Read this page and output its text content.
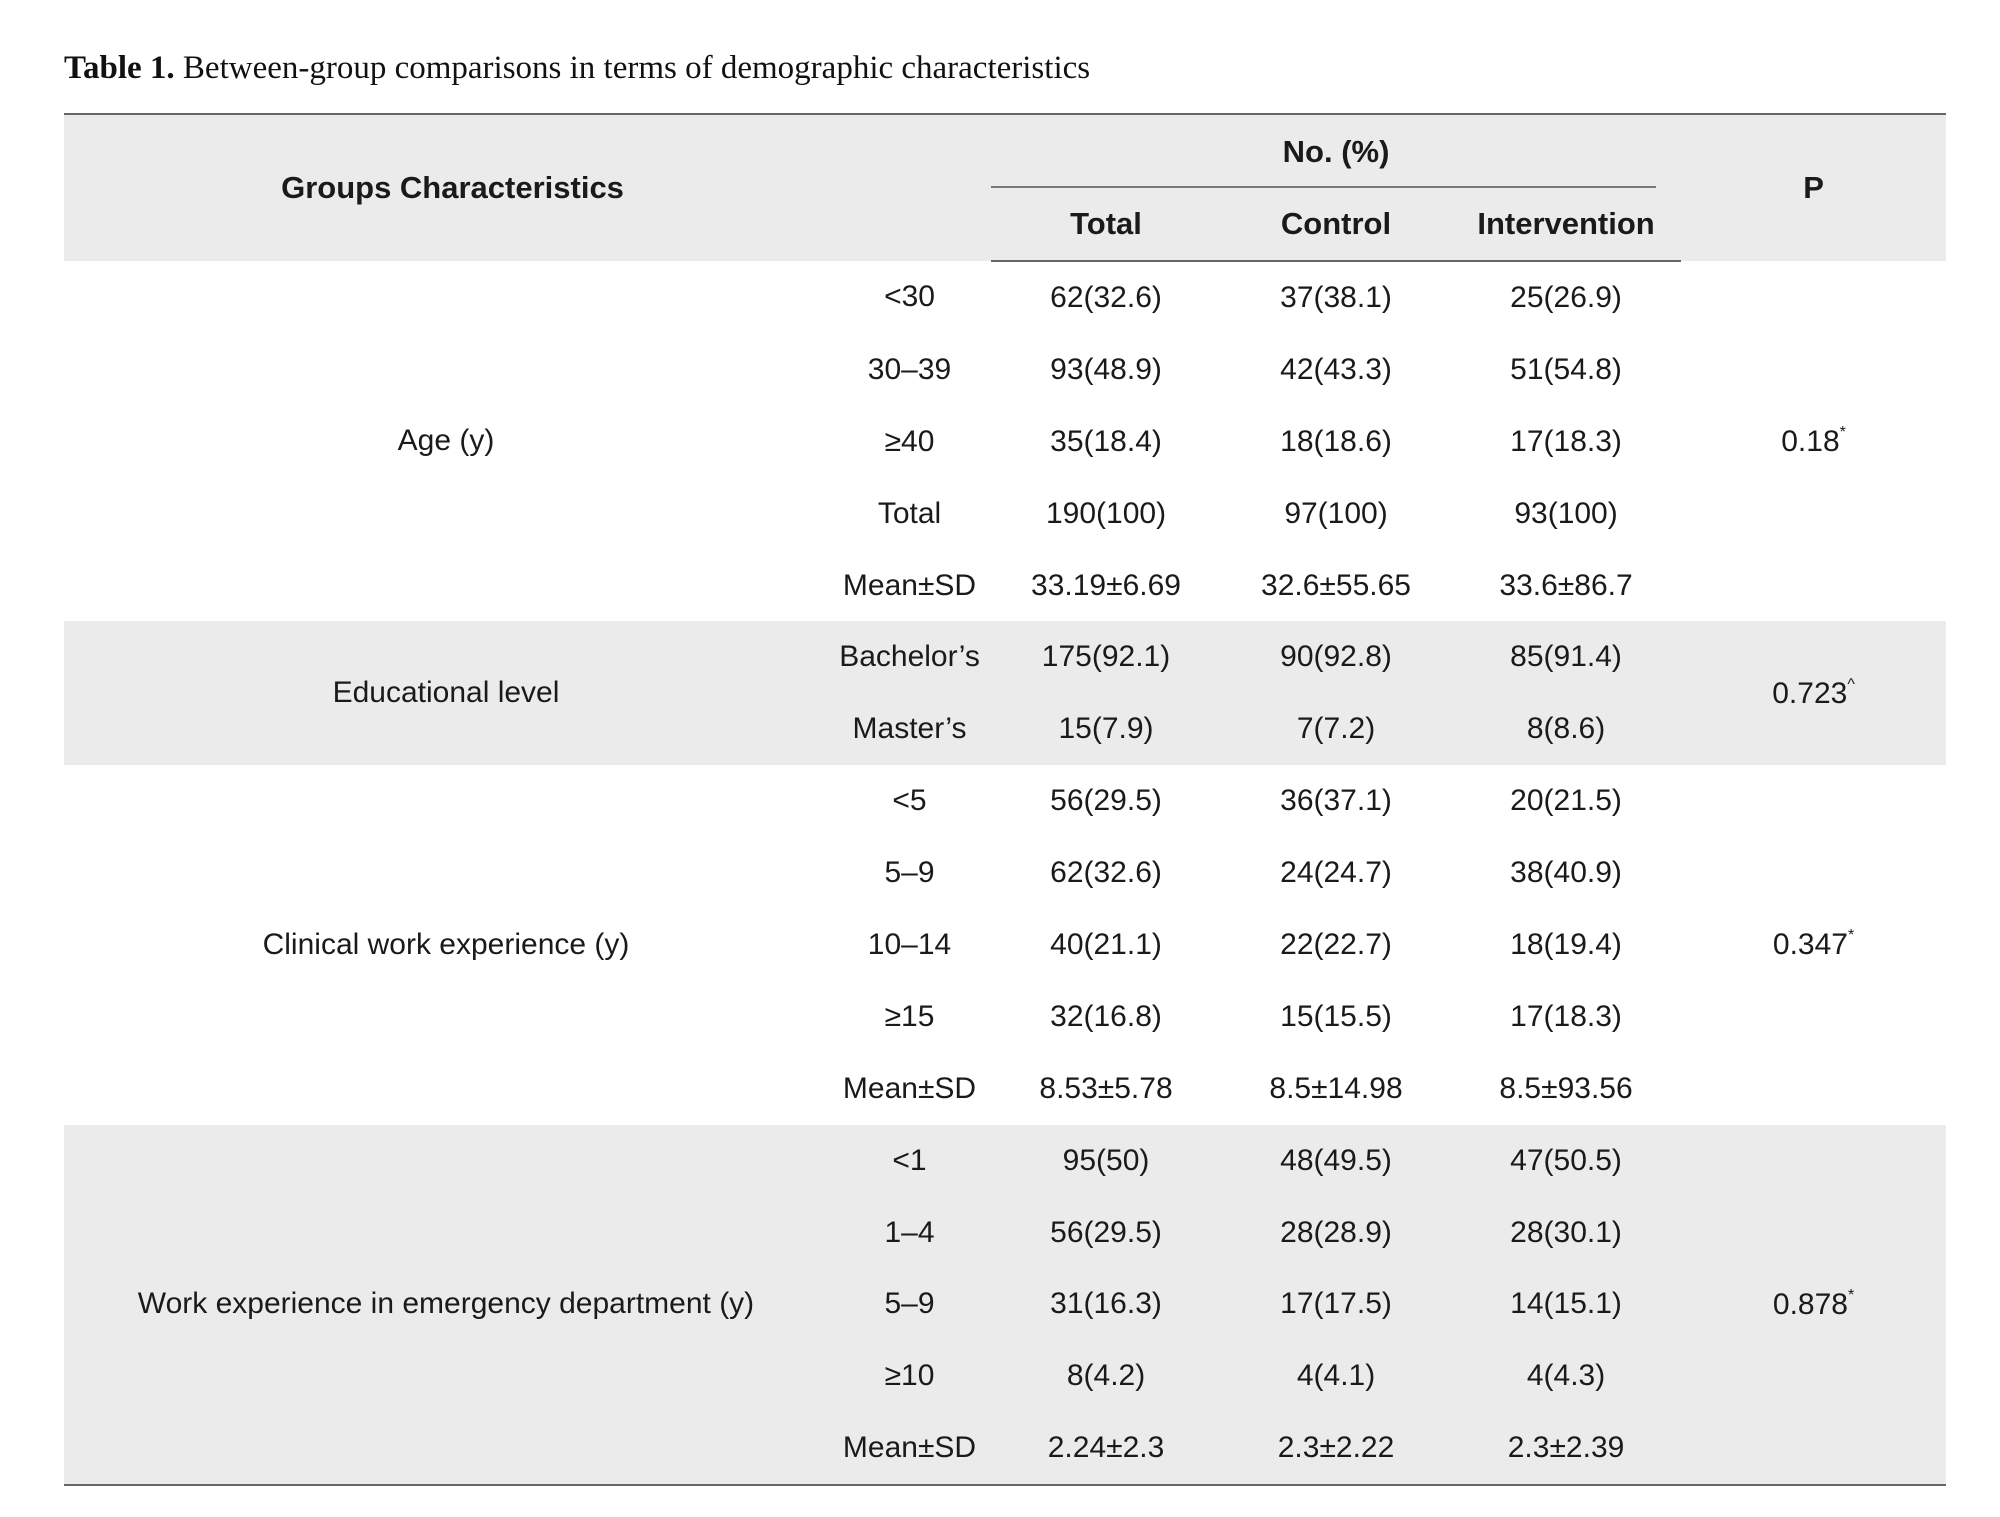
Table 1. Between-group comparisons in terms of demographic characteristics
Groups Characteristics		No. (%)			P
		Total	Control	Intervention	
Age (y)	<30	62(32.6)	37(38.1)	25(26.9)	0.18*
	30–39	93(48.9)	42(43.3)	51(54.8)	
	≥40	35(18.4)	18(18.6)	17(18.3)	
	Total	190(100)	97(100)	93(100)	
	Mean±SD	33.19±6.69	32.6±55.65	33.6±86.7	
Educational level	Bachelor’s	175(92.1)	90(92.8)	85(91.4)	0.723^
	Master’s	15(7.9)	7(7.2)	8(8.6)	
Clinical work experience (y)	<5	56(29.5)	36(37.1)	20(21.5)	0.347*
	5–9	62(32.6)	24(24.7)	38(40.9)	
	10–14	40(21.1)	22(22.7)	18(19.4)	
	≥15	32(16.8)	15(15.5)	17(18.3)	
	Mean±SD	8.53±5.78	8.5±14.98	8.5±93.56	
Work experience in emergency department (y)	<1	95(50)	48(49.5)	47(50.5)	0.878*
	1–4	56(29.5)	28(28.9)	28(30.1)	
	5–9	31(16.3)	17(17.5)	14(15.1)	
	≥10	8(4.2)	4(4.1)	4(4.3)	
	Mean±SD	2.24±2.3	2.3±2.22	2.3±2.39	
